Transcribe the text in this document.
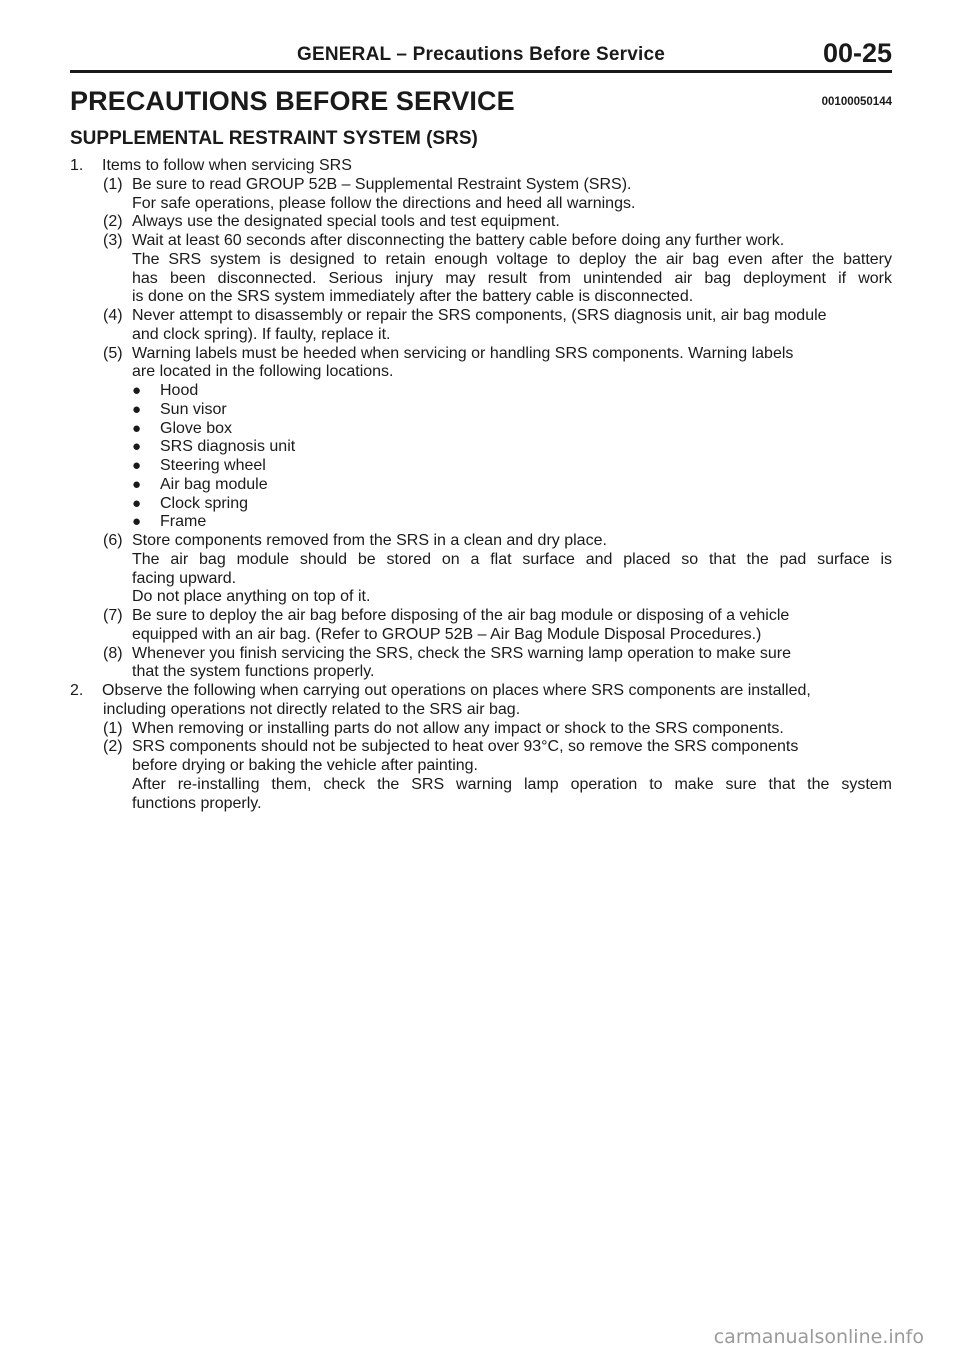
GENERAL – Precautions Before Service	00-25
PRECAUTIONS BEFORE SERVICE	00100050144
SUPPLEMENTAL RESTRAINT SYSTEM (SRS)
1. Items to follow when servicing SRS
(1) Be sure to read GROUP 52B – Supplemental Restraint System (SRS).
For safe operations, please follow the directions and heed all warnings.
(2) Always use the designated special tools and test equipment.
(3) Wait at least 60 seconds after disconnecting the battery cable before doing any further work.
The SRS system is designed to retain enough voltage to deploy the air bag even after the battery
has been disconnected. Serious injury may result from unintended air bag deployment if work
is done on the SRS system immediately after the battery cable is disconnected.
(4) Never attempt to disassembly or repair the SRS components, (SRS diagnosis unit, air bag module
and clock spring). If faulty, replace it.
(5) Warning labels must be heeded when servicing or handling SRS components. Warning labels
are located in the following locations.
● Hood
● Sun visor
● Glove box
● SRS diagnosis unit
● Steering wheel
● Air bag module
● Clock spring
● Frame
(6) Store components removed from the SRS in a clean and dry place.
The air bag module should be stored on a flat surface and placed so that the pad surface is
facing upward.
Do not place anything on top of it.
(7) Be sure to deploy the air bag before disposing of the air bag module or disposing of a vehicle
equipped with an air bag. (Refer to GROUP 52B – Air Bag Module Disposal Procedures.)
(8) Whenever you finish servicing the SRS, check the SRS warning lamp operation to make sure
that the system functions properly.
2. Observe the following when carrying out operations on places where SRS components are installed,
including operations not directly related to the SRS air bag.
(1) When removing or installing parts do not allow any impact or shock to the SRS components.
(2) SRS components should not be subjected to heat over 93°C, so remove the SRS components
before drying or baking the vehicle after painting.
After re-installing them, check the SRS warning lamp operation to make sure that the system
functions properly.
carmanualsonline.info
